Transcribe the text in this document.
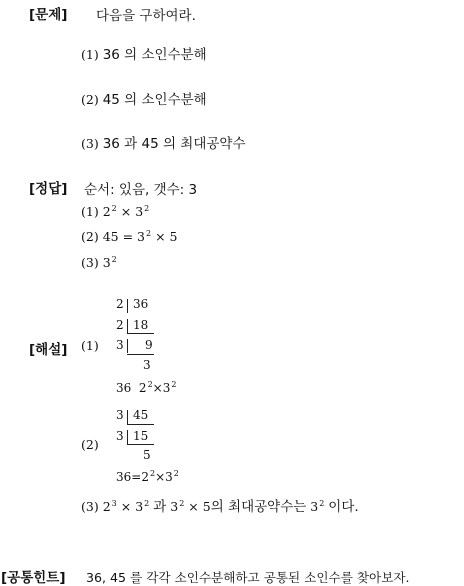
[문제] 다음을 구하여라.
(1) 36 의 소인수분해
(2) 45 의 소인수분해
(3) 36 과 45 의 최대공약수
[정답] 순서: 있음, 갯수: 3
(1) $2^2 \times 3^2$
(2) $45 = 3^2 \times 5$
(3) $3^2$
[해설] (1)
2 36
2 18
3 9
3
36 $2^2\times 3^2$
(2)
3 45
3 15
5
$36=2^2\times 3^2$
(3) $2^3 \times 3^2$ 과 $3^2 \times 5$의 최대공약수는 $3^2$ 이다.
[공통힌트] 36, 45 를 각각 소인수분해하고 공통된 소인수를 찾아보자.
